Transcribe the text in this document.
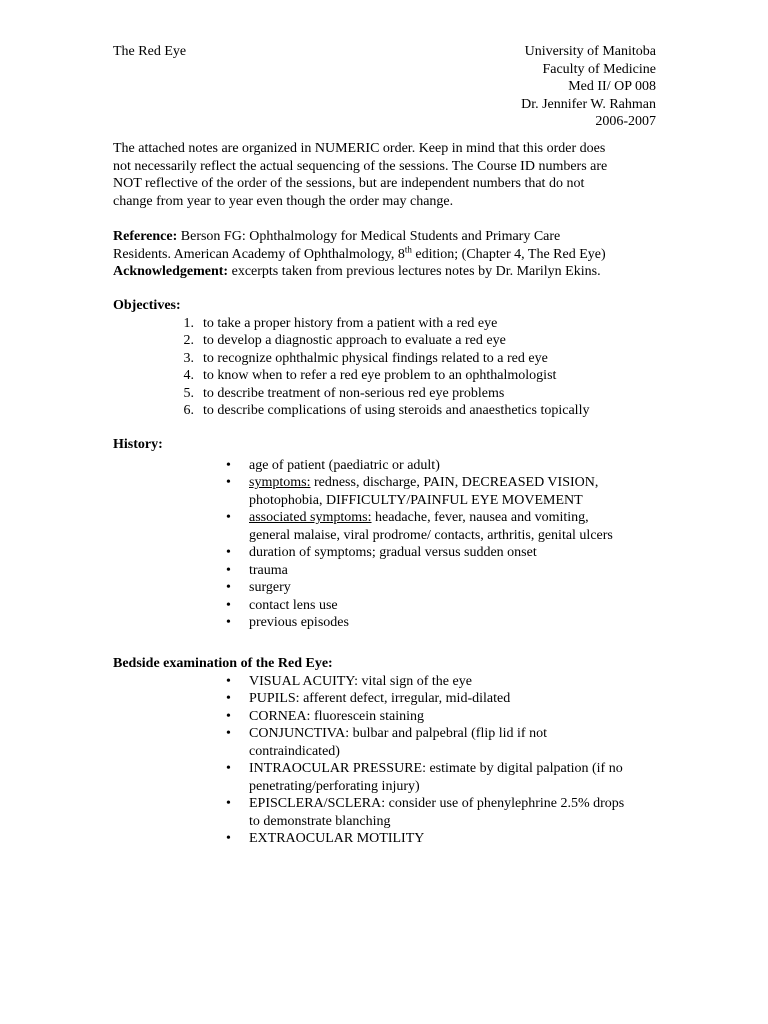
The Red Eye	University of Manitoba
Faculty of Medicine
Med II/ OP 008
Dr. Jennifer W. Rahman
2006-2007
The attached notes are organized in NUMERIC order. Keep in mind that this order does
not necessarily reflect the actual sequencing of the sessions. The Course ID numbers are
NOT reflective of the order of the sessions, but are independent numbers that do not
change from year to year even though the order may change.
Reference: Berson FG: Ophthalmology for Medical Students and Primary Care
Residents. American Academy of Ophthalmology, 8th edition; (Chapter 4, The Red Eye)
Acknowledgement: excerpts taken from previous lectures notes by Dr. Marilyn Ekins.
Objectives:
1. to take a proper history from a patient with a red eye
2. to develop a diagnostic approach to evaluate a red eye
3. to recognize ophthalmic physical findings related to a red eye
4. to know when to refer a red eye problem to an ophthalmologist
5. to describe treatment of non-serious red eye problems
6. to describe complications of using steroids and anaesthetics topically
History:
• age of patient (paediatric or adult)
• symptoms: redness, discharge, PAIN, DECREASED VISION,
photophobia, DIFFICULTY/PAINFUL EYE MOVEMENT
• associated symptoms: headache, fever, nausea and vomiting,
general malaise, viral prodrome/ contacts, arthritis, genital ulcers
• duration of symptoms; gradual versus sudden onset
• trauma
• surgery
• contact lens use
• previous episodes
Bedside examination of the Red Eye:
• VISUAL ACUITY: vital sign of the eye
• PUPILS: afferent defect, irregular, mid-dilated
• CORNEA: fluorescein staining
• CONJUNCTIVA: bulbar and palpebral (flip lid if not
contraindicated)
• INTRAOCULAR PRESSURE: estimate by digital palpation (if no
penetrating/perforating injury)
• EPISCLERA/SCLERA: consider use of phenylephrine 2.5% drops
to demonstrate blanching
• EXTRAOCULAR MOTILITY
